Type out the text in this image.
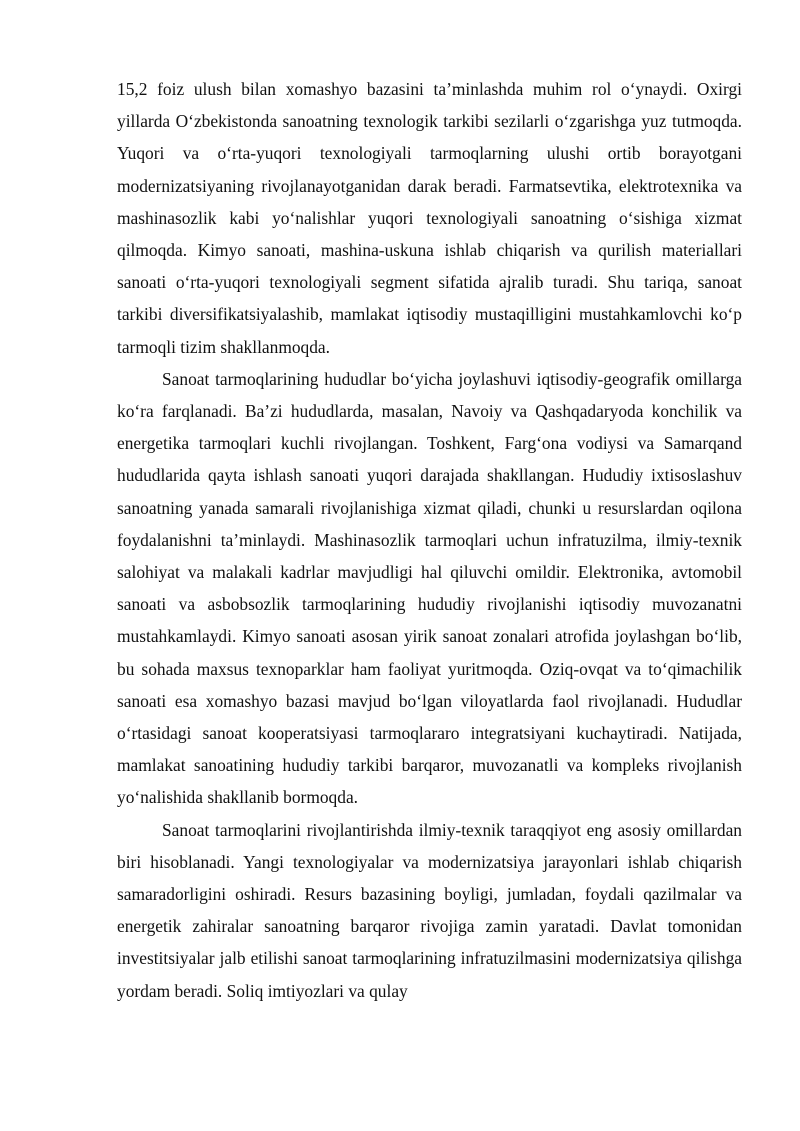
15,2 foiz ulush bilan xomashyo bazasini ta’minlashda muhim rol o‘ynaydi. Oxirgi yillarda O‘zbekistonda sanoatning texnologik tarkibi sezilarli o‘zgarishga yuz tutmoqda. Yuqori va o‘rta-yuqori texnologiyali tarmoqlarning ulushi ortib borayotgani modernizatsiyaning rivojlanayotganidan darak beradi. Farmatsevtika, elektrotexnika va mashinasozlik kabi yo‘nalishlar yuqori texnologiyali sanoatning o‘sishiga xizmat qilmoqda. Kimyo sanoati, mashina-uskuna ishlab chiqarish va qurilish materiallari sanoati o‘rta-yuqori texnologiyali segment sifatida ajralib turadi. Shu tariqa, sanoat tarkibi diversifikatsiyalashib, mamlakat iqtisodiy mustaqilligini mustahkamlovchi ko‘p tarmoqli tizim shakllanmoqda.

Sanoat tarmoqlarining hududlar bo‘yicha joylashuvi iqtisodiy-geografik omillarga ko‘ra farqlanadi. Ba’zi hududlarda, masalan, Navoiy va Qashqadaryoda konchilik va energetika tarmoqlari kuchli rivojlangan. Toshkent, Farg‘ona vodiysi va Samarqand hududlarida qayta ishlash sanoati yuqori darajada shakllangan. Hududiy ixtisoslashuv sanoatning yanada samarali rivojlanishiga xizmat qiladi, chunki u resurslardan oqilona foydalanishni ta’minlaydi. Mashinasozlik tarmoqlari uchun infratuzilma, ilmiy-texnik salohiyat va malakali kadrlar mavjudligi hal qiluvchi omildir. Elektronika, avtomobil sanoati va asbobsozlik tarmoqlarining hududiy rivojlanishi iqtisodiy muvozanatni mustahkamlaydi. Kimyo sanoati asosan yirik sanoat zonalari atrofida joylashgan bo‘lib, bu sohada maxsus texnoparklar ham faoliyat yuritmoqda. Oziq-ovqat va to‘qimachilik sanoati esa xomashyo bazasi mavjud bo‘lgan viloyatlarda faol rivojlanadi. Hududlar o‘rtasidagi sanoat kooperatsiyasi tarmoqlararo integratsiyani kuchaytiradi. Natijada, mamlakat sanoatining hududiy tarkibi barqaror, muvozanatli va kompleks rivojlanish yo‘nalishida shakllanib bormoqda.

Sanoat tarmoqlarini rivojlantirishda ilmiy-texnik taraqqiyot eng asosiy omillardan biri hisoblanadi. Yangi texnologiyalar va modernizatsiya jarayonlari ishlab chiqarish samaradorligini oshiradi. Resurs bazasining boyligi, jumladan, foydali qazilmalar va energetik zahiralar sanoatning barqaror rivojiga zamin yaratadi. Davlat tomonidan investitsiyalar jalb etilishi sanoat tarmoqlarining infratuzilmasini modernizatsiya qilishga yordam beradi. Soliq imtiyozlari va qulay
